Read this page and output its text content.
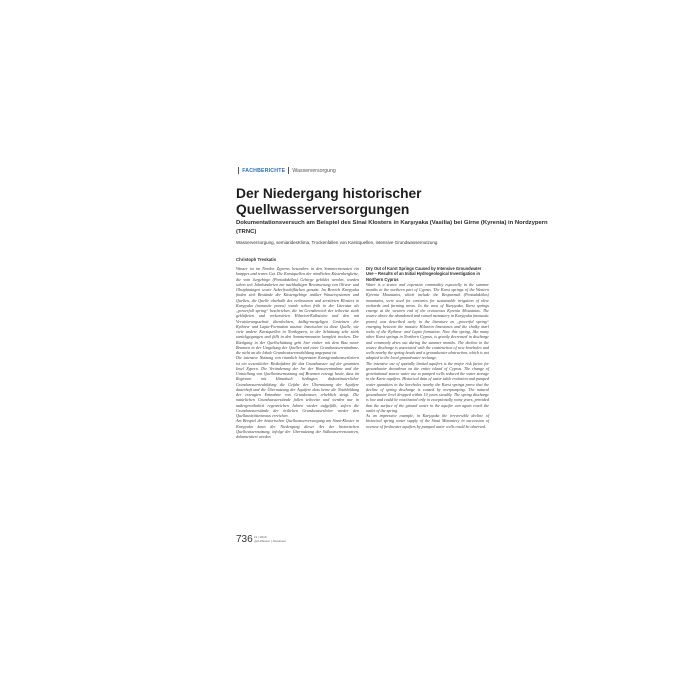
FACHBERICHTE Wasserversorgung
Der Niedergang historischer Quellwasserversorgungen
Dokumentationsversuch am Beispiel des Sinai Klosters in Karşıyaka (Vasilia) bei Girne (Kyrenia) in Nordzypern (TRNC)

Wasserversorgung, semiaridesKlima, Trockenfallen von Karstquellen, intensive Grundwassernutzung

Christoph Treskatis

Wasser ist im Norden Zyperns besonders in den Sommermonaten ein knappes und teures Gut. Die Karstquellen der nördlichen Küstenbergkette, die vom Jurgebirge (Pentadaktilos) Gebirge gebildet werden, wurden schon seit Jahrhunderten zur nachhaltigen Bewässerung von Oliven- und Obstplantagen sowie Ackerfruchtflächen genutzt. Im Bereich Karşıyaka finden sich Bestände der Küstengebirge antiker Wassersystemen und Quellen, die Quelle oberhalb des verlassenen und zerstörten Klosters in Karşıyaka (monastic ponos) wurde schon früh in der Literatur als „powerfull spring“ beschrieben, die im Grenzbereich der teilweise stark geklüfteten und verkarsteten Hilarion-Kalksteine und den mit Verwitterungsschutt überdeckten, kalkig-mergeligen Gesteinen der Kythrea- und Lapta-Formation austrat. Inzwischen ist diese Quelle, wie viele andere Karstquellen in Nordzypern, in der Schüttung sehr stark zurückgegangen und fällt in den Sommermonaten komplett trocken. Der Rückgang in der Quellschüttung geht hier einher mit dem Bau neuer Brunnen in der Umgebung der Quellen und einer Grundwasserentnahme, die nicht an die lokale Grundwasserneubildung angepasst ist.
Die intensive Nutzung von räumlich begrenzten Karstgrundwasserleitern ist ein wesentlicher Risikofaktor für das Grundwasser auf der gesamten Insel Zypern. Die Veränderung der Art der Wasserentnahme und der Umstellung von Quellwassernutzung auf Brunnen erzeugt heute, dass im Regionen mit klimatisch bedingter, diskontinuierlicher Grundwasserneubildung die Gefahr der Übernutzung der Aquifere dauerhaft und die Übernutzung der Aquifere dass keine die Nachbildung der erzeugten Entnahme von Grundwasser, erheblich steigt. Die natürlichen Grundwasserstände fallen teilweise und werden nur in außergewöhnlich regenreichen Jahren wieder aufgefüllt, sofern die Grundwasserstände der örtlichen Grundwasserleiter wieder den Quellaustrittsniveaus erreichen.
Am Beispiel der historischen Quellwasserversorgung am Sinai-Kloster in Karşıyaka kann der Niedergang dieser Art der historischen Quellwassernutzung, infolge der Übernutzung der Süßwasserressourcen, dokumentiert werden.
Dry Out of Karst Springs Caused by Intensive Groundwater Use – Results of an Initial Hydrogeological Investigation in Northern Cyprus
Water is a scarce and expensive commodity especially in the summer months in the northern part of Cyprus. The Karst springs of the Western Kyrenia Mountains, which include the Besparmak (Pentadaktilos) mountains, were used for centuries for sustainable irrigation of olive orchards and farming areas. In the area of Karşıyaka, Karst springs emerge at the western end of the cretaceous Kyrenia Mountains. The source above the abandoned and ruined monastery in Karşıyaka (monastic ponos) was described early in the literature as „powerful spring“ emerging between the massive Hilarion limestones and the chalky marl rocks of the Kythrea- and Lapta formation. Now this spring, like many other Karst springs in Northern Cyprus, is greatly decreased in discharge and commonly dries out during the summer months. The decline in the source discharge is associated with the construction of new boreholes and wells nearby the spring heads and a groundwater abstraction, which is not adapted to the local groundwater recharge.
The intensive use of spatially limited aquifers is the major risk factor for groundwater drawdown on the entire island of Cyprus. The change of gravitational source water use to pumped wells reduced the water storage in the Karst aquifers. Historical data of water table evolution and pumped water quantities in the boreholes nearby the Karst springs prove that the decline of spring discharge is caused by overpumping. The natural groundwater level dropped within 10 years steadily. The spring discharge is low and could be reactivated only in exceptionally rainy years, provided that the surface of the ground water in the aquifer can again reach the outlet of the spring.
As an impressive example, in Karşıyaka the irreversible decline of historical spring water supply of the Sinai Monastery in succession of overuse of freshwater aquifers by pumped water wells could be observed.

736 11 | 2019
gwf-Wasser | Abwasser
